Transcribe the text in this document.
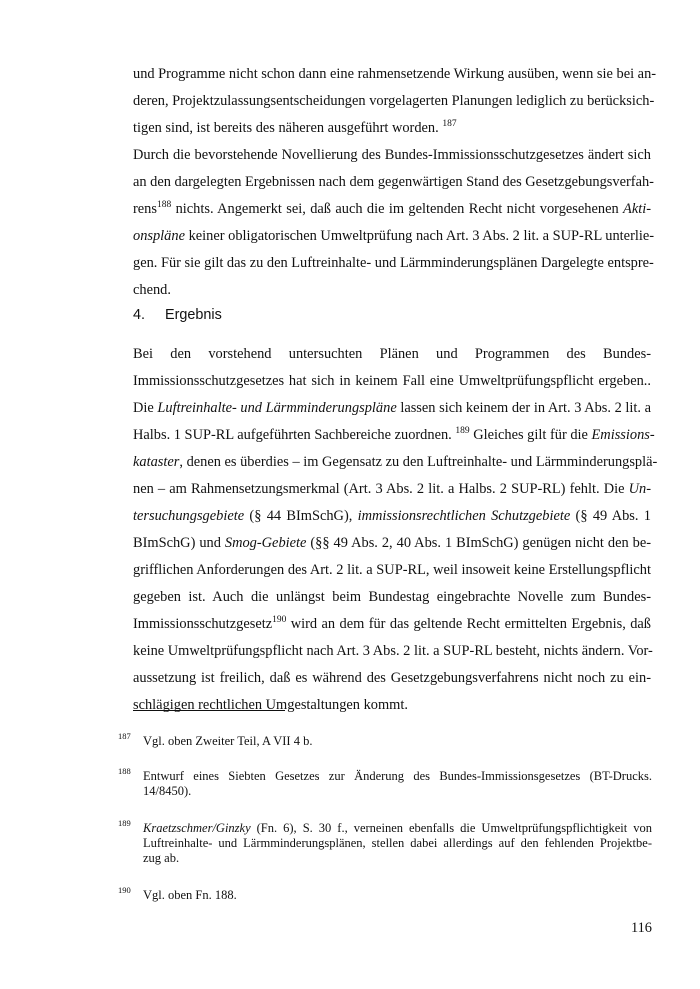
und Programme nicht schon dann eine rahmensetzende Wirkung ausüben, wenn sie bei an-
deren, Projektzulassungsentscheidungen vorgelagerten Planungen lediglich zu berücksich-
tigen sind, ist bereits des näheren ausgeführt worden. $^{187}$

Durch die bevorstehende Novellierung des Bundes-Immissionsschutzgesetzes ändert sich
an den dargelegten Ergebnissen nach dem gegenwärtigen Stand des Gesetzgebungsverfah-
rens$^{188}$ nichts. Angemerkt sei, daß auch die im geltenden Recht nicht vorgesehenen Akti-
onspläne keiner obligatorischen Umweltprüfung nach Art. 3 Abs. 2 lit. a SUP-RL unterlie-
gen. Für sie gilt das zu den Luftreinhalte- und Lärmminderungsplänen Dargelegte entspre-
chend.

4. Ergebnis

Bei den vorstehend untersuchten Plänen und Programmen des Bundes-
Immissionsschutzgesetzes hat sich in keinem Fall eine Umweltprüfungspflicht ergeben..
Die Luftreinhalte- und Lärmminderungspläne lassen sich keinem der in Art. 3 Abs. 2 lit. a
Halbs. 1 SUP-RL aufgeführten Sachbereiche zuordnen. $^{189}$ Gleiches gilt für die Emissions-
kataster, denen es überdies – im Gegensatz zu den Luftreinhalte- und Lärmminderungsplä-
nen – am Rahmensetzungsmerkmal (Art. 3 Abs. 2 lit. a Halbs. 2 SUP-RL) fehlt. Die Un-
tersuchungsgebiete (§ 44 BImSchG), immissionsrechtlichen Schutzgebiete (§ 49 Abs. 1
BImSchG) und Smog-Gebiete (§§ 49 Abs. 2, 40 Abs. 1 BImSchG) genügen nicht den be-
grifflichen Anforderungen des Art. 2 lit. a SUP-RL, weil insoweit keine Erstellungspflicht
gegeben ist. Auch die unlängst beim Bundestag eingebrachte Novelle zum Bundes-
Immissionsschutzgesetz$^{190}$ wird an dem für das geltende Recht ermittelten Ergebnis, daß
keine Umweltprüfungspflicht nach Art. 3 Abs. 2 lit. a SUP-RL besteht, nichts ändern. Vor-
aussetzung ist freilich, daß es während des Gesetzgebungsverfahrens nicht noch zu ein-
schlägigen rechtlichen Umgestaltungen kommt.

187 Vgl. oben Zweiter Teil, A VII 4 b.
188 Entwurf eines Siebten Gesetzes zur Änderung des Bundes-Immissionsgesetzes (BT-Drucks.
14/8450).
189 Kraetzschmer/Ginzky (Fn. 6), S. 30 f., verneinen ebenfalls die Umweltprüfungspflichtigkeit von
Luftreinhalte- und Lärmminderungsplänen, stellen dabei allerdings auf den fehlenden Projektbe-
zug ab.
190 Vgl. oben Fn. 188.

116
